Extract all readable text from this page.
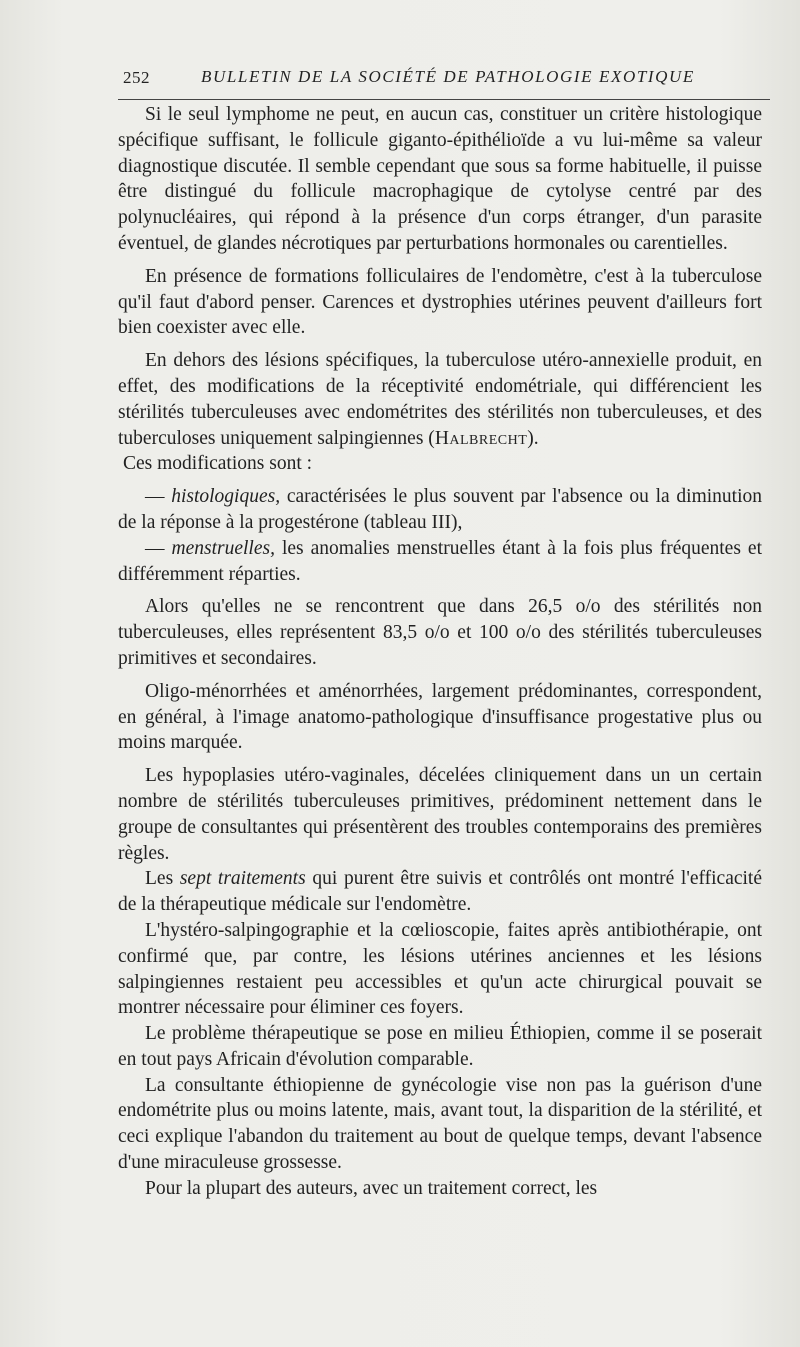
252	BULLETIN DE LA SOCIÉTÉ DE PATHOLOGIE EXOTIQUE

Si le seul lymphome ne peut, en aucun cas, constituer un critère histologique spécifique suffisant, le follicule giganto-épithélioïde a vu lui-même sa valeur diagnostique discutée. Il semble cependant que sous sa forme habituelle, il puisse être distingué du follicule macrophagique de cytolyse centré par des polynucléaires, qui répond à la présence d'un corps étranger, d'un parasite éventuel, de glandes nécrotiques par perturbations hormonales ou carentielles.

En présence de formations folliculaires de l'endomètre, c'est à la tuberculose qu'il faut d'abord penser. Carences et dystrophies utérines peuvent d'ailleurs fort bien coexister avec elle.

En dehors des lésions spécifiques, la tuberculose utéro-annexielle produit, en effet, des modifications de la réceptivité endométriale, qui différencient les stérilités tuberculeuses avec endométrites des stérilités non tuberculeuses, et des tuberculoses uniquement salpingiennes (Halbrecht).

Ces modifications sont :

— histologiques, caractérisées le plus souvent par l'absence ou la diminution de la réponse à la progestérone (tableau III),

— menstruelles, les anomalies menstruelles étant à la fois plus fréquentes et différemment réparties.

Alors qu'elles ne se rencontrent que dans 26,5 o/o des stérilités non tuberculeuses, elles représentent 83,5 o/o et 100 o/o des stérilités tuberculeuses primitives et secondaires.

Oligo-ménorrhées et aménorrhées, largement prédominantes, correspondent, en général, à l'image anatomo-pathologique d'insuffisance progestative plus ou moins marquée.

Les hypoplasies utéro-vaginales, décelées cliniquement dans un un certain nombre de stérilités tuberculeuses primitives, prédominent nettement dans le groupe de consultantes qui présentèrent des troubles contemporains des premières règles.

Les sept traitements qui purent être suivis et contrôlés ont montré l'efficacité de la thérapeutique médicale sur l'endomètre.

L'hystéro-salpingographie et la cœlioscopie, faites après antibiothérapie, ont confirmé que, par contre, les lésions utérines anciennes et les lésions salpingiennes restaient peu accessibles et qu'un acte chirurgical pouvait se montrer nécessaire pour éliminer ces foyers.

Le problème thérapeutique se pose en milieu Éthiopien, comme il se poserait en tout pays Africain d'évolution comparable.

La consultante éthiopienne de gynécologie vise non pas la guérison d'une endométrite plus ou moins latente, mais, avant tout, la disparition de la stérilité, et ceci explique l'abandon du traitement au bout de quelque temps, devant l'absence d'une miraculeuse grossesse.

Pour la plupart des auteurs, avec un traitement correct, les
